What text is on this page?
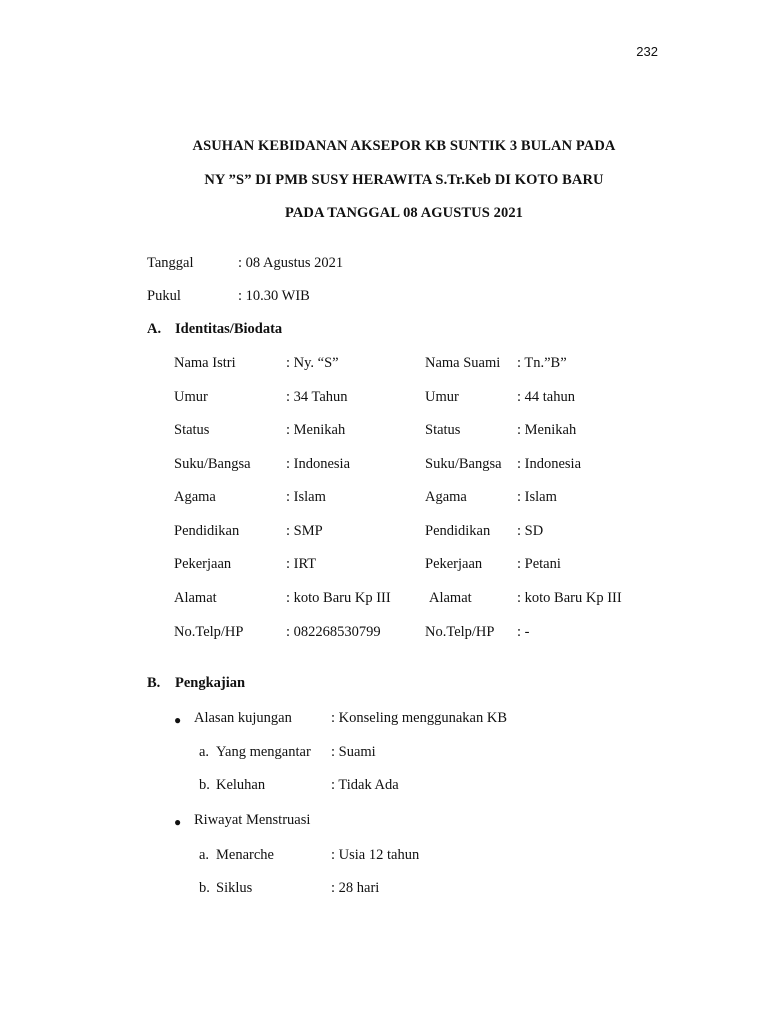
232
ASUHAN KEBIDANAN AKSEPOR KB SUNTIK 3 BULAN PADA
NY ”S” DI PMB SUSY HERAWITA S.Tr.Keb DI KOTO BARU
PADA TANGGAL 08 AGUSTUS 2021
Tanggal	: 08 Agustus 2021
Pukul	: 10.30 WIB
A. Identitas/Biodata
Nama Istri	: Ny. “S”	Nama Suami : Tn.”B”
Umur	: 34 Tahun	Umur	: 44 tahun
Status	: Menikah	Status	: Menikah
Suku/Bangsa : Indonesia	Suku/Bangsa : Indonesia
Agama	: Islam	Agama	: Islam
Pendidikan	: SMP	Pendidikan : SD
Pekerjaan	: IRT	Pekerjaan : Petani
Alamat	: koto Baru Kp III	Alamat	: koto Baru Kp III
No.Telp/HP	: 082268530799	No.Telp/HP : -
B. Pengkajian
● Alasan kujungan	: Konseling menggunakan KB
a. Yang mengantar : Suami
b. Keluhan	: Tidak Ada
● Riwayat Menstruasi
a. Menarche	: Usia 12 tahun
b. Siklus	: 28 hari
